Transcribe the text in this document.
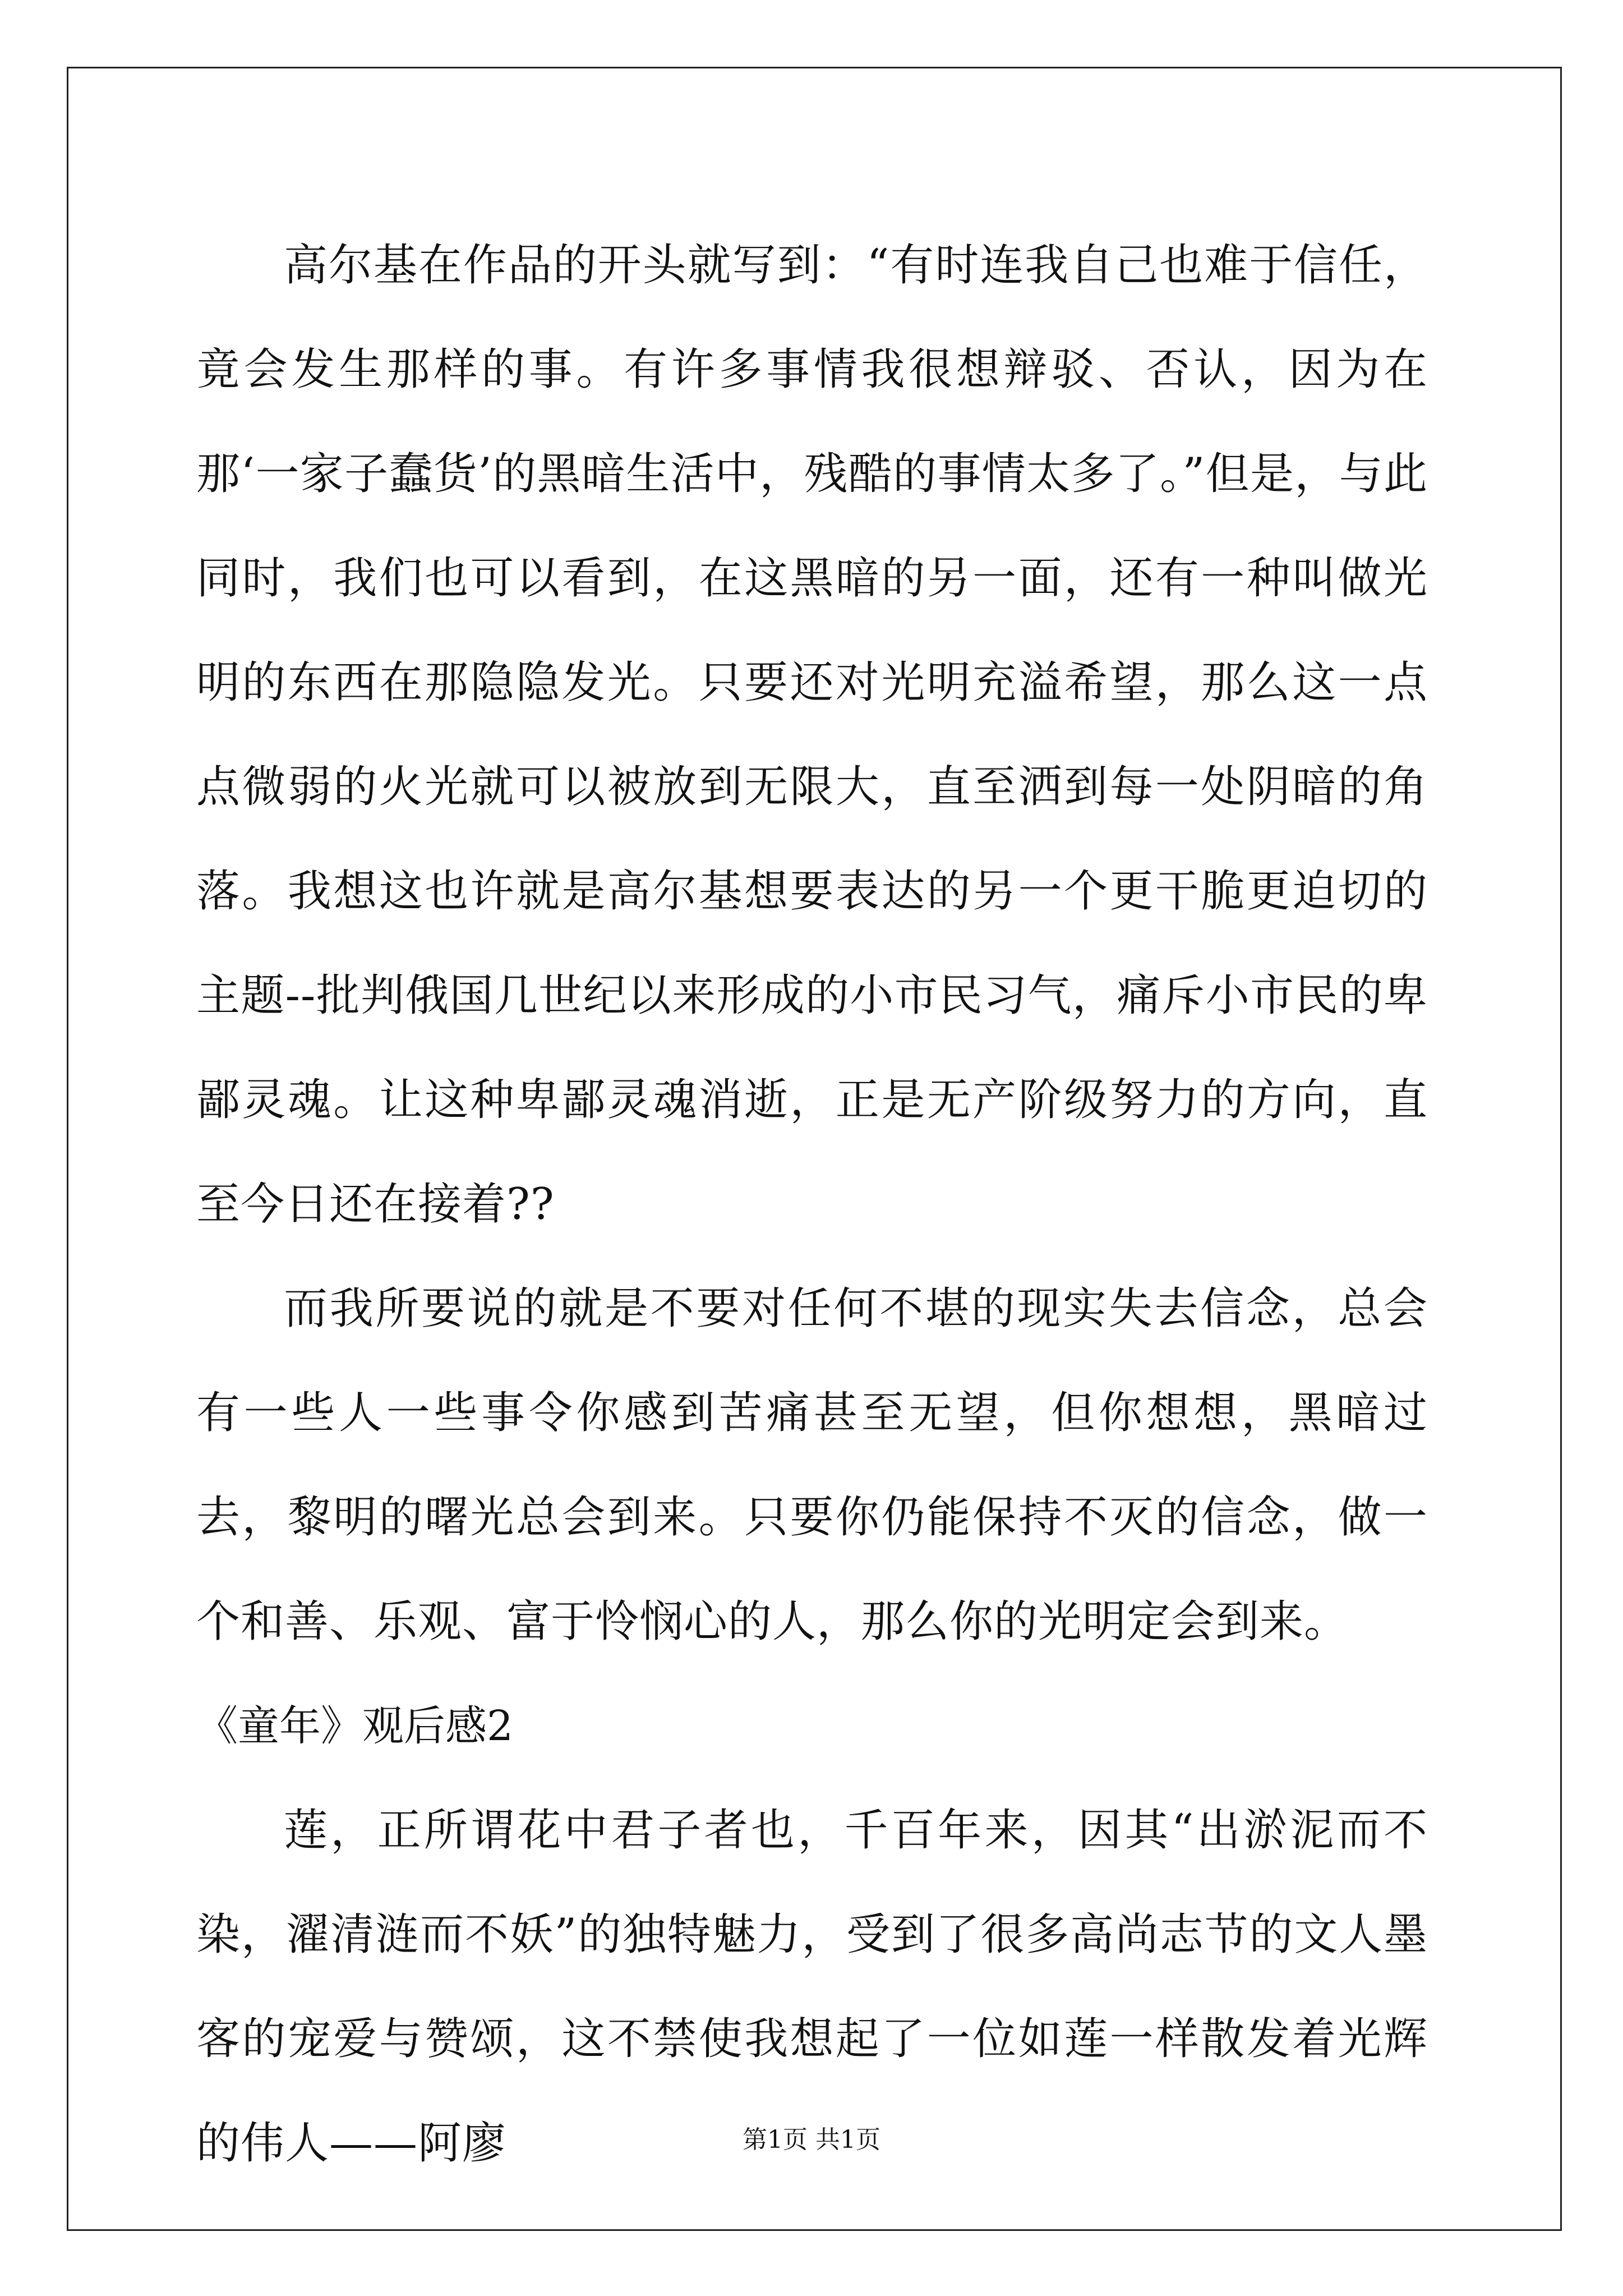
高尔基在作品的开头就写到：“有时连我自己也难于信任，竟会发生那样的事。有许多事情我很想辩驳、否认，因为在那‘一家子蠢货’的黑暗生活中，残酷的事情太多了。”但是，与此同时，我们也可以看到，在这黑暗的另一面，还有一种叫做光明的东西在那隐隐发光。只要还对光明充溢希望，那么这一点点微弱的火光就可以被放到无限大，直至洒到每一处阴暗的角落。我想这也许就是高尔基想要表达的另一个更干脆更迫切的主题--批判俄国几世纪以来形成的小市民习气，痛斥小市民的卑鄙灵魂。让这种卑鄙灵魂消逝，正是无产阶级努力的方向，直至今日还在接着??

而我所要说的就是不要对任何不堪的现实失去信念，总会有一些人一些事令你感到苦痛甚至无望，但你想想，黑暗过去，黎明的曙光总会到来。只要你仍能保持不灭的信念，做一个和善、乐观、富于怜悯心的人，那么你的光明定会到来。

《童年》观后感2

莲，正所谓花中君子者也，千百年来，因其“出淤泥而不染，濯清涟而不妖”的独特魅力，受到了很多高尚志节的文人墨客的宠爱与赞颂，这不禁使我想起了一位如莲一样散发着光辉的伟人——阿廖	第1页 共1页
